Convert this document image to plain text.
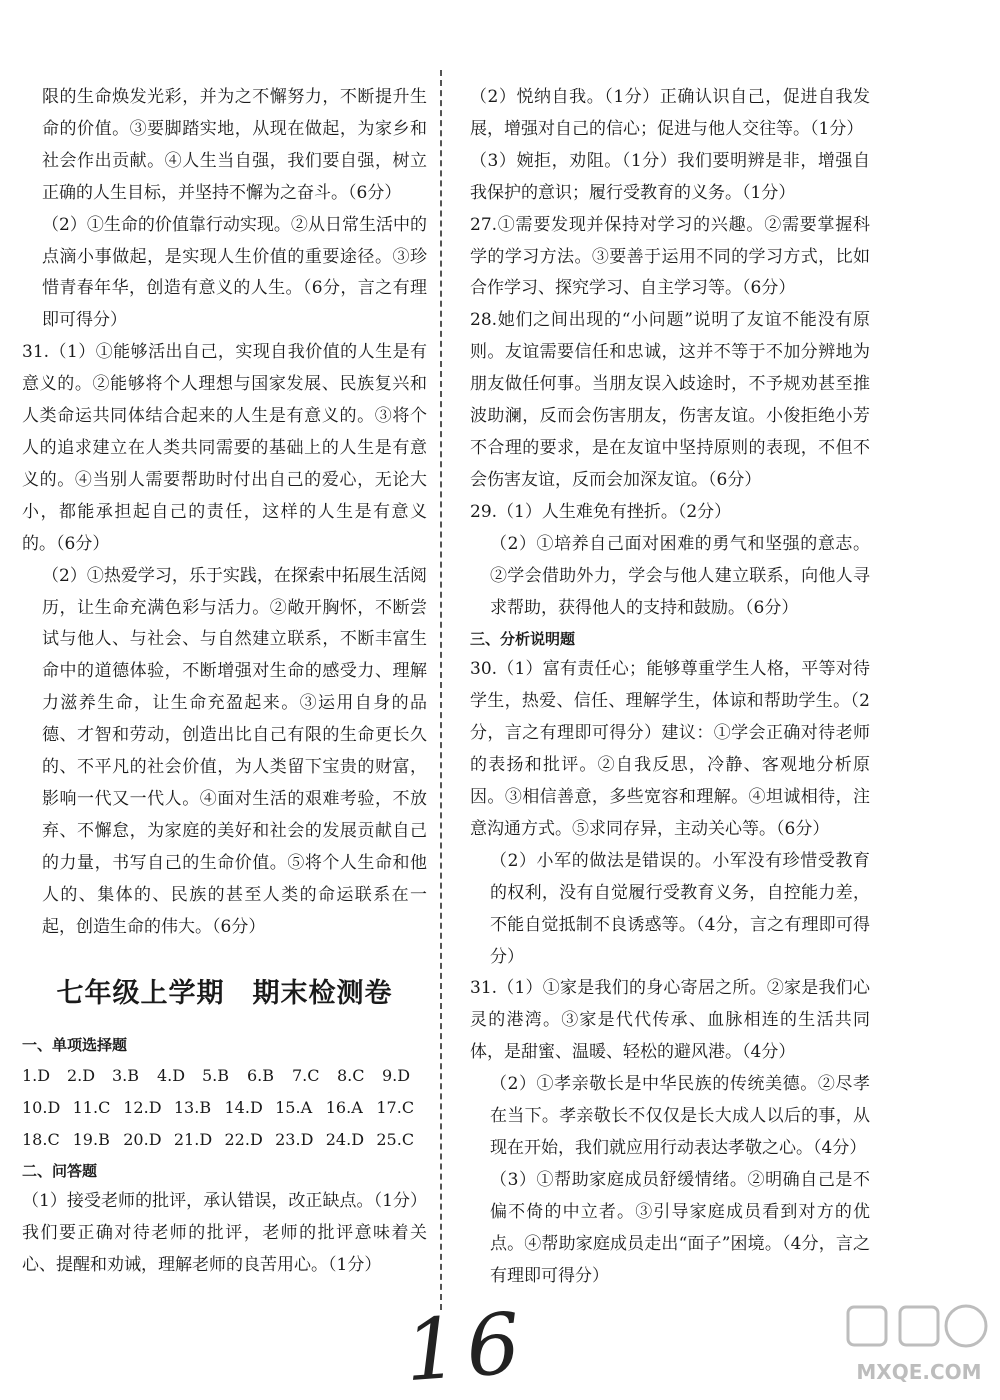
限的生命焕发光彩，并为之不懈努力，不断提升生命的价值。③要脚踏实地，从现在做起，为家乡和社会作出贡献。④人生当自强，我们要自强，树立正确的人生目标，并坚持不懈为之奋斗。（6分）

（2）①生命的价值靠行动实现。②从日常生活中的点滴小事做起，是实现人生价值的重要途径。③珍惜青春年华，创造有意义的人生。（6分，言之有理即可得分）

31.（1）①能够活出自己，实现自我价值的人生是有意义的。②能够将个人理想与国家发展、民族复兴和人类命运共同体结合起来的人生是有意义的。③将个人的追求建立在人类共同需要的基础上的人生是有意义的。④当别人需要帮助时付出自己的爱心，无论大小，都能承担起自己的责任，这样的人生是有意义的。（6分）

（2）①热爱学习，乐于实践，在探索中拓展生活阅历，让生命充满色彩与活力。②敞开胸怀，不断尝试与他人、与社会、与自然建立联系，不断丰富生命中的道德体验，不断增强对生命的感受力、理解力滋养生命，让生命充盈起来。③运用自身的品德、才智和劳动，创造出比自己有限的生命更长久的、不平凡的社会价值，为人类留下宝贵的财富，影响一代又一代人。④面对生活的艰难考验，不放弃、不懈怠，为家庭的美好和社会的发展贡献自己的力量，书写自己的生命价值。⑤将个人生命和他人的、集体的、民族的甚至人类的命运联系在一起，创造生命的伟大。（6分）

七年级上学期　期末检测卷

一、单项选择题

1.D	2.D	3.B	4.D	5.B	6.B	7.C	8.C	9.D
10.D 11.C 12.D 13.B 14.D 15.A 16.A 17.C
18.C 19.B 20.D 21.D 22.D 23.D 24.D 25.C

二、问答题

（1）接受老师的批评，承认错误，改正缺点。（1分）我们要正确对待老师的批评，老师的批评意味着关心、提醒和劝诫，理解老师的良苦用心。（1分）

（2）悦纳自我。（1分）正确认识自己，促进自我发展，增强对自己的信心；促进与他人交往等。（1分）

（3）婉拒，劝阻。（1分）我们要明辨是非，增强自我保护的意识；履行受教育的义务。（1分）

27.①需要发现并保持对学习的兴趣。②需要掌握科学的学习方法。③要善于运用不同的学习方式，比如合作学习、探究学习、自主学习等。（6分）

28.她们之间出现的“小问题”说明了友谊不能没有原则。友谊需要信任和忠诚，这并不等于不加分辨地为朋友做任何事。当朋友误入歧途时，不予规劝甚至推波助澜，反而会伤害朋友，伤害友谊。小俊拒绝小芳不合理的要求，是在友谊中坚持原则的表现，不但不会伤害友谊，反而会加深友谊。（6分）

29.（1）人生难免有挫折。（2分）

（2）①培养自己面对困难的勇气和坚强的意志。②学会借助外力，学会与他人建立联系，向他人寻求帮助，获得他人的支持和鼓励。（6分）

三、分析说明题

30.（1）富有责任心；能够尊重学生人格，平等对待学生，热爱、信任、理解学生，体谅和帮助学生。（2分，言之有理即可得分）建议：①学会正确对待老师的表扬和批评。②自我反思，冷静、客观地分析原因。③相信善意，多些宽容和理解。④坦诚相待，注意沟通方式。⑤求同存异，主动关心等。（6分）

（2）小军的做法是错误的。小军没有珍惜受教育的权利，没有自觉履行受教育义务，自控能力差，不能自觉抵制不良诱惑等。（4分，言之有理即可得分）

31.（1）①家是我们的身心寄居之所。②家是我们心灵的港湾。③家是代代传承、血脉相连的生活共同体，是甜蜜、温暖、轻松的避风港。（4分）

（2）①孝亲敬长是中华民族的传统美德。②尽孝在当下。孝亲敬长不仅仅是长大成人以后的事，从现在开始，我们就应用行动表达孝敬之心。（4分）

（3）①帮助家庭成员舒缓情绪。②明确自己是不偏不倚的中立者。③引导家庭成员看到对方的优点。④帮助家庭成员走出“面子”困境。（4分，言之有理即可得分）

16	MXQE.COM
